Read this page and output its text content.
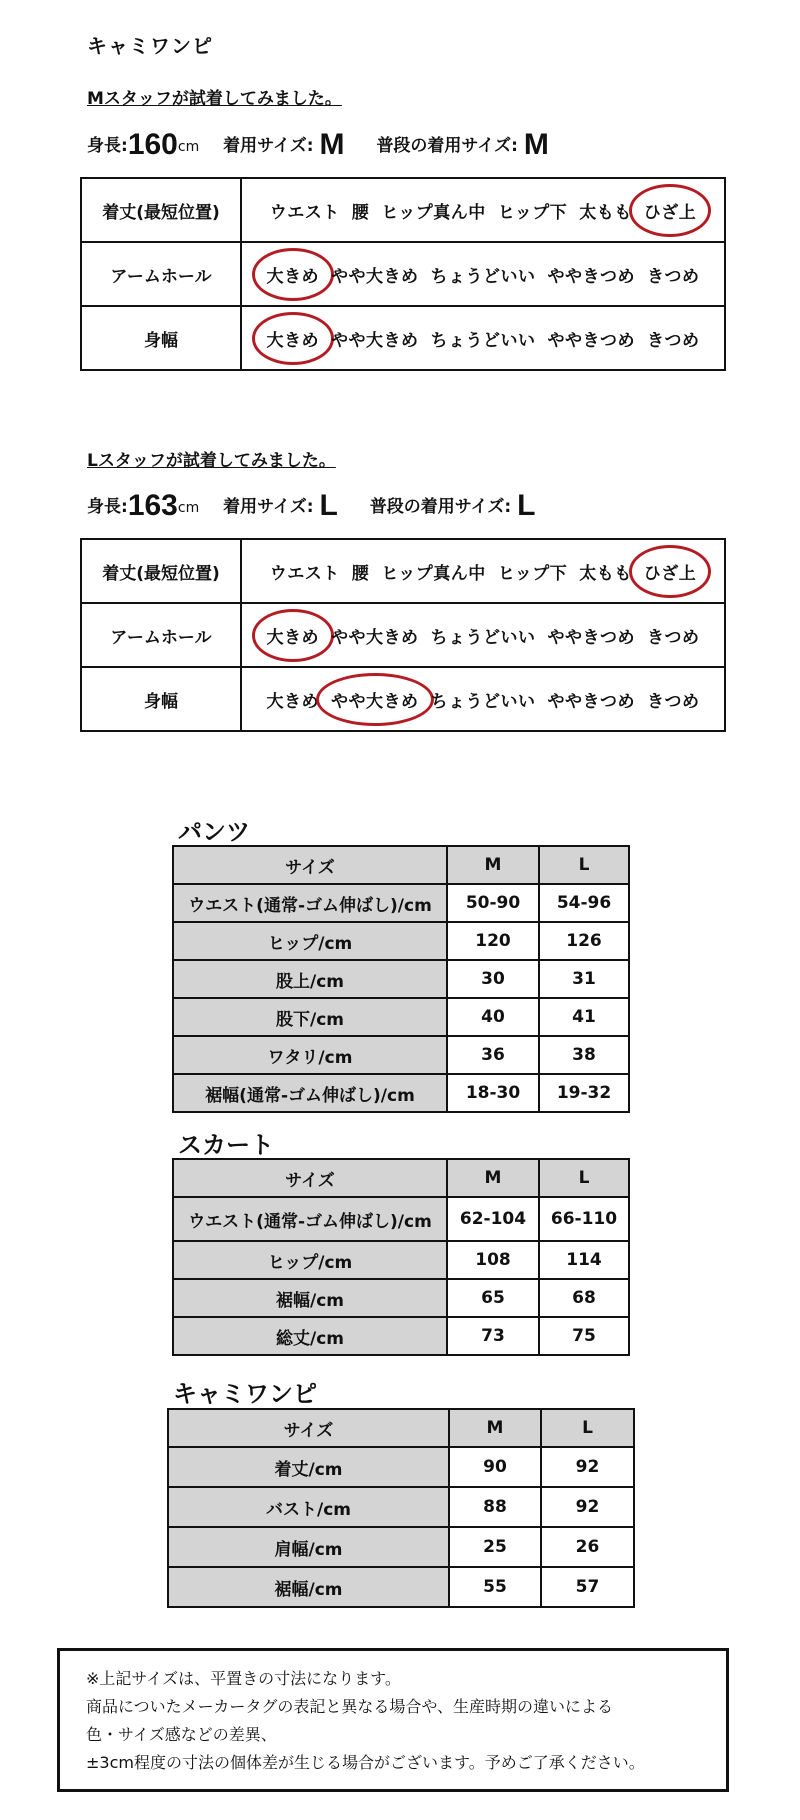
キャミワンピ
Mスタッフが試着してみました。
身長:160cm 着用サイズ: M 普段の着用サイズ: M
着丈(最短位置)	ウエスト 腰 ヒップ真ん中 ヒップ下 太もも ひざ上
アームホール	大きめ やや大きめ ちょうどいい ややきつめ きつめ
身幅	大きめ やや大きめ ちょうどいい ややきつめ きつめ
Lスタッフが試着してみました。
身長:163cm 着用サイズ: L 普段の着用サイズ: L
着丈(最短位置)	ウエスト 腰 ヒップ真ん中 ヒップ下 太もも ひざ上
アームホール	大きめ やや大きめ ちょうどいい ややきつめ きつめ
身幅	大きめ やや大きめ ちょうどいい ややきつめ きつめ
パンツ
サイズ	M	L
ウエスト(通常-ゴム伸ばし)/cm	50-90	54-96
ヒップ/cm	120	126
股上/cm	30	31
股下/cm	40	41
ワタリ/cm	36	38
裾幅(通常-ゴム伸ばし)/cm	18-30	19-32
スカート
サイズ	M	L
ウエスト(通常-ゴム伸ばし)/cm	62-104	66-110
ヒップ/cm	108	114
裾幅/cm	65	68
総丈/cm	73	75
キャミワンピ
サイズ	M	L
着丈/cm	90	92
バスト/cm	88	92
肩幅/cm	25	26
裾幅/cm	55	57
※上記サイズは、平置きの寸法になります。
商品についたメーカータグの表記と異なる場合や、生産時期の違いによる
色・サイズ感などの差異、
±3cm程度の寸法の個体差が生じる場合がございます。予めご了承ください。
